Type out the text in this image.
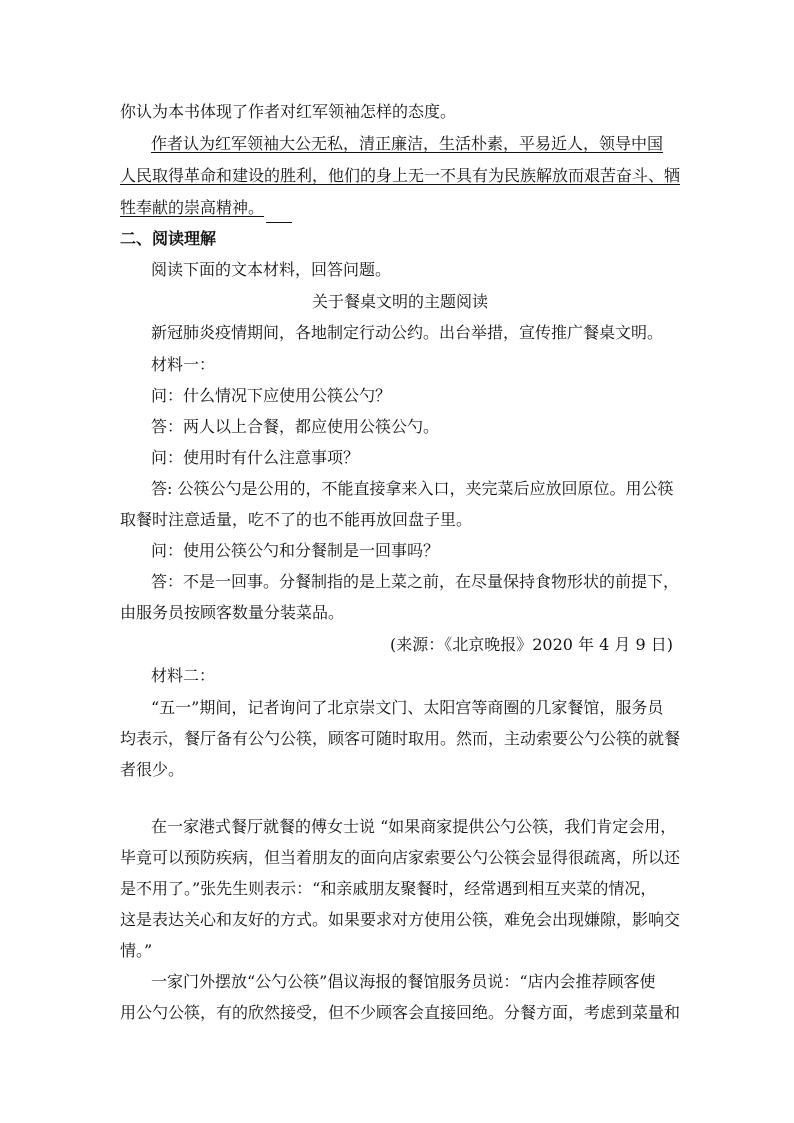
你认为本书体现了作者对红军领袖怎样的态度。
作者认为红军领袖大公无私，清正廉洁，生活朴素，平易近人，领导中国
人民取得革命和建设的胜利，他们的身上无一不具有为民族解放而艰苦奋斗、牺
牲奉献的崇高精神。
二、阅读理解
阅读下面的文本材料，回答问题。
关于餐桌文明的主题阅读
新冠肺炎疫情期间，各地制定行动公约。出台举措，宣传推广餐桌文明。
材料一：
问：什么情况下应使用公筷公勺？
答：两人以上合餐，都应使用公筷公勺。
问：使用时有什么注意事项？
答: 公筷公勺是公用的，不能直接拿来入口，夹完菜后应放回原位。用公筷
取餐时注意适量，吃不了的也不能再放回盘子里。
问：使用公筷公勺和分餐制是一回事吗？
答：不是一回事。分餐制指的是上菜之前，在尽量保持食物形状的前提下，
由服务员按顾客数量分装菜品。
(来源：《北京晚报》2020 年 4 月 9 日)
材料二：
“五一”期间，记者询问了北京崇文门、太阳宫等商圈的几家餐馆，服务员
均表示，餐厅备有公勺公筷，顾客可随时取用。然而，主动索要公勺公筷的就餐
者很少。
在一家港式餐厅就餐的傅女士说 “如果商家提供公勺公筷，我们肯定会用，
毕竟可以预防疾病，但当着朋友的面向店家索要公勺公筷会显得很疏离，所以还
是不用了。”张先生则表示：“和亲戚朋友聚餐时，经常遇到相互夹菜的情况，
这是表达关心和友好的方式。如果要求对方使用公筷，难免会出现嫌隙，影响交
情。”
一家门外摆放“公勺公筷”倡议海报的餐馆服务员说：“店内会推荐顾客使
用公勺公筷，有的欣然接受，但不少顾客会直接回绝。分餐方面，考虑到菜量和
